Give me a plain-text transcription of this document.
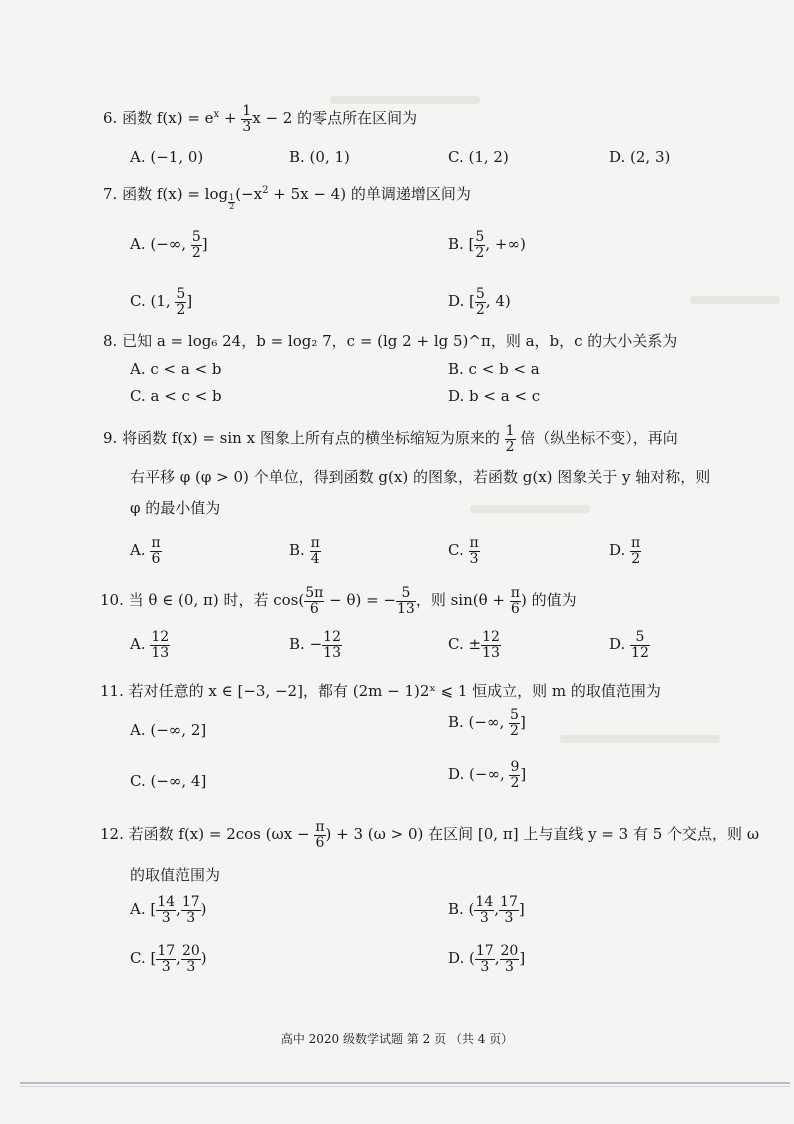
6. 函数 $f(x) = e^x + \frac{1}{3}$ x − 2 的零点所在区间为
A. (−1, 0)	B. (0, 1)	C. (1, 2)	D. (2, 3)
7. 函数 $f(x) = \log \frac{1}{2} (-x^2 + 5x - 4)$ 的单调递增区间为
A. (−∞, $\frac{5}{2}$ ]	B. [ $\frac{5}{2}$ , +∞)
C. (1, $\frac{5}{2}$ ]	D. [ $\frac{5}{2}$ , 4)
8. 已知 a = log₆ 24，b = log₂ 7，c = (lg 2 + lg 5)^π，则 a，b，c 的大小关系为
A. c < a < b	B. c < b < a
C. a < c < b	D. b < a < c
9. 将函数 f(x) = sin x 图象上所有点的横坐标缩短为原来的 $\frac{1}{2}$ 倍（纵坐标不变），再向
右平移 φ (φ > 0) 个单位，得到函数 g(x) 的图象，若函数 g(x) 图象关于 y 轴对称，则
φ 的最小值为
A. $\frac{\pi}{6}$	B. $\frac{\pi}{4}$	C. $\frac{\pi}{3}$	D. $\frac{\pi}{2}$
10. 当 θ ∈ (0, π) 时，若 $\cos( \frac{5\pi}{6} - \theta)$ = − $\frac{5}{13}$ ，则 $\sin(\theta + \frac{\pi}{6}$ ) 的值为
A. $\frac{12}{13}$	B. − $\frac{12}{13}$	C. ± $\frac{12}{13}$	D. $\frac{5}{12}$
11. 若对任意的 x ∈ [−3, −2]，都有 (2m − 1)2ˣ ⩽ 1 恒成立，则 m 的取值范围为
A. (−∞, 2]	B. (−∞, $\frac{5}{2}$ ]
C. (−∞, 4]	D. (−∞, $\frac{9}{2}$ ]
12. 若函数 f(x) = 2cos ($\omega x - \frac{\pi}{6}$ ) + 3 (ω > 0) 在区间 [0, π] 上与直线 y = 3 有 5 个交点，则 ω
的取值范围为
A. [ $\frac{14}{3}$ , $\frac{17}{3}$ )	B. ( $\frac{14}{3}$ , $\frac{17}{3}$ ]
C. [ $\frac{17}{3}$ , $\frac{20}{3}$ )	D. ( $\frac{17}{3}$ , $\frac{20}{3}$ ]
高中 2020 级数学试题 第 2 页 （共 4 页）
